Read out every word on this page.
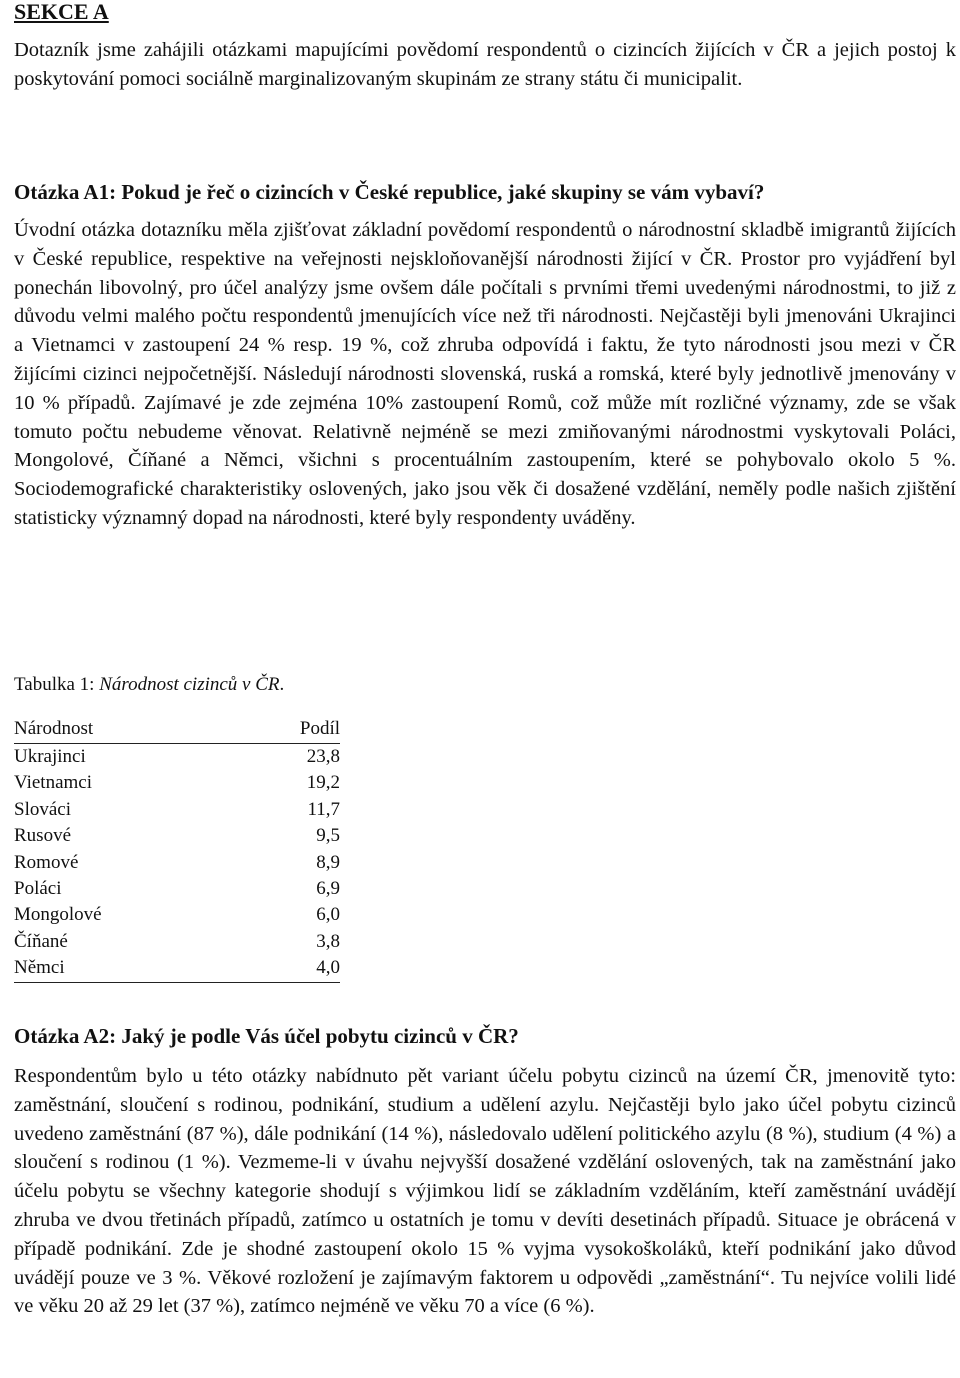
SEKCE A

Dotazník jsme zahájili otázkami mapujícími povědomí respondentů o cizincích žijících v ČR a jejich postoj k poskytování pomoci sociálně marginalizovaným skupinám ze strany státu či municipalit.

Otázka A1: Pokud je řeč o cizincích v České republice, jaké skupiny se vám vybaví?

Úvodní otázka dotazníku měla zjišťovat základní povědomí respondentů o národnostní skladbě imigrantů žijících v České republice, respektive na veřejnosti nejskloňovanější národnosti žijící v ČR. Prostor pro vyjádření byl ponechán libovolný, pro účel analýzy jsme ovšem dále počítali s prvními třemi uvedenými národnostmi, to již z důvodu velmi malého počtu respondentů jmenujících více než tři národnosti. Nejčastěji byli jmenováni Ukrajinci a Vietnamci v zastoupení 24 % resp. 19 %, což zhruba odpovídá i faktu, že tyto národnosti jsou mezi v ČR žijícími cizinci nejpočetnější. Následují národnosti slovenská, ruská a romská, které byly jednotlivě jmenovány v 10 % případů. Zajímavé je zde zejména 10% zastoupení Romů, což může mít rozličné významy, zde se však tomuto počtu nebudeme věnovat. Relativně nejméně se mezi zmiňovanými národnostmi vyskytovali Poláci, Mongolové, Číňané a Němci, všichni s procentuálním zastoupením, které se pohybovalo okolo 5 %. Sociodemografické charakteristiky oslovených, jako jsou věk či dosažené vzdělání, neměly podle našich zjištění statisticky významný dopad na národnosti, které byly respondenty uváděny.

Tabulka 1: Národnost cizinců v ČR.
Národnost	Podíl
Ukrajinci	23,8
Vietnamci	19,2
Slováci	11,7
Rusové	9,5
Romové	8,9
Poláci	6,9
Mongolové	6,0
Číňané	3,8
Němci	4,0
Otázka A2: Jaký je podle Vás účel pobytu cizinců v ČR?

Respondentům bylo u této otázky nabídnuto pět variant účelu pobytu cizinců na území ČR, jmenovitě tyto: zaměstnání, sloučení s rodinou, podnikání, studium a udělení azylu. Nejčastěji bylo jako účel pobytu cizinců uvedeno zaměstnání (87 %), dále podnikání (14 %), následovalo udělení politického azylu (8 %), studium (4 %) a sloučení s rodinou (1 %). Vezmeme-li v úvahu nejvyšší dosažené vzdělání oslovených, tak na zaměstnání jako účelu pobytu se všechny kategorie shodují s výjimkou lidí se základním vzděláním, kteří zaměstnání uvádějí zhruba ve dvou třetinách případů, zatímco u ostatních je tomu v devíti desetinách případů. Situace je obrácená v případě podnikání. Zde je shodné zastoupení okolo 15 % vyjma vysokoškoláků, kteří podnikání jako důvod uvádějí pouze ve 3 %. Věkové rozložení je zajímavým faktorem u odpovědi „zaměstnání“. Tu nejvíce volili lidé ve věku 20 až 29 let (37 %), zatímco nejméně ve věku 70 a více (6 %).
